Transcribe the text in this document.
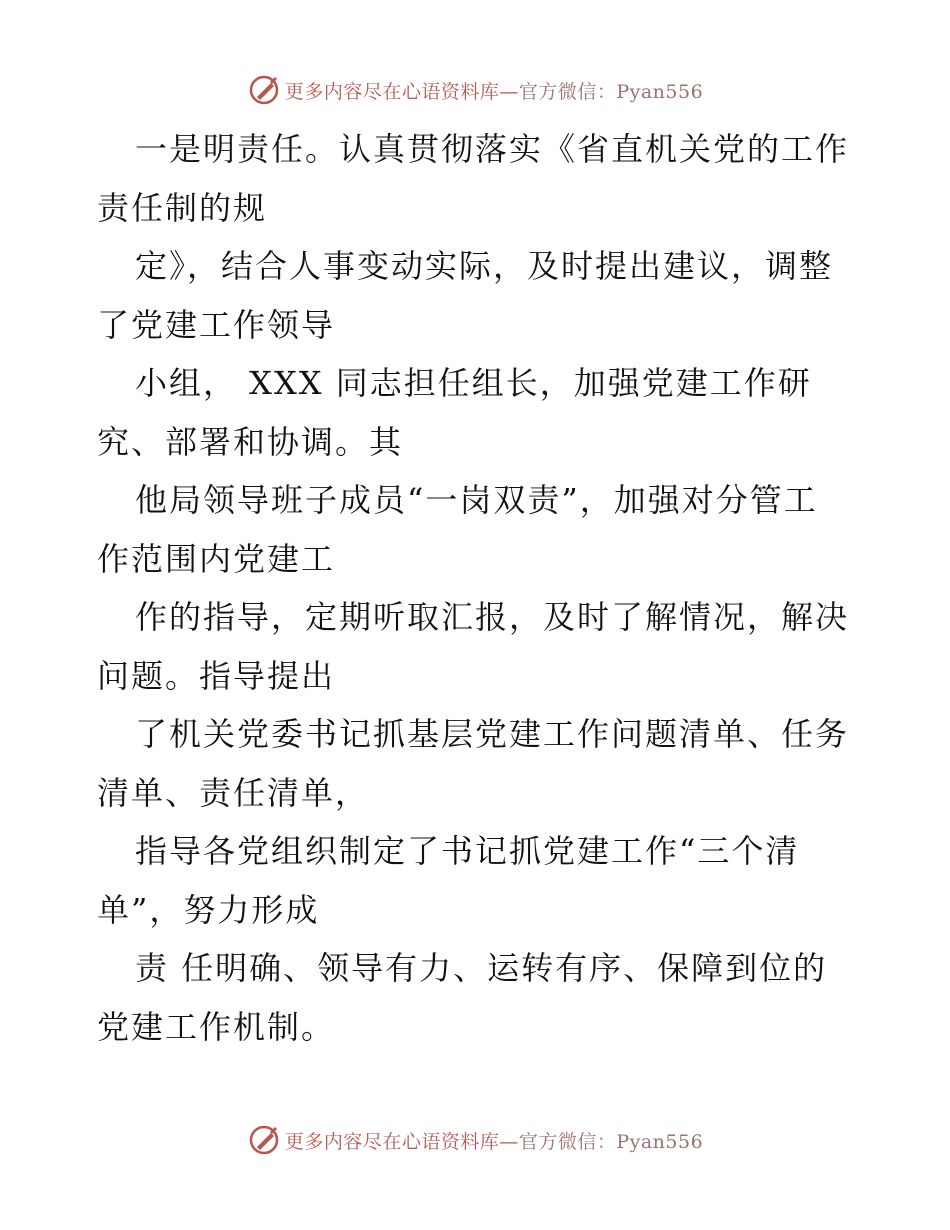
更多内容尽在心语资料库—官方微信：Pyan556
一是明责任。认真贯彻落实《省直机关党的工作
责任制的规
定》，结合人事变动实际，及时提出建议，调整
了党建工作领导
小组， XXX 同志担任组长，加强党建工作研
究、部署和协调。其
他局领导班子成员“一岗双责”，加强对分管工
作范围内党建工
作的指导，定期听取汇报，及时了解情况，解决
问题。指导提出
了机关党委书记抓基层党建工作问题清单、任务
清单、责任清单，
指导各党组织制定了书记抓党建工作“三个清
单”，努力形成
责 任明确、领导有力、运转有序、保障到位的
党建工作机制。
更多内容尽在心语资料库—官方微信：Pyan556
